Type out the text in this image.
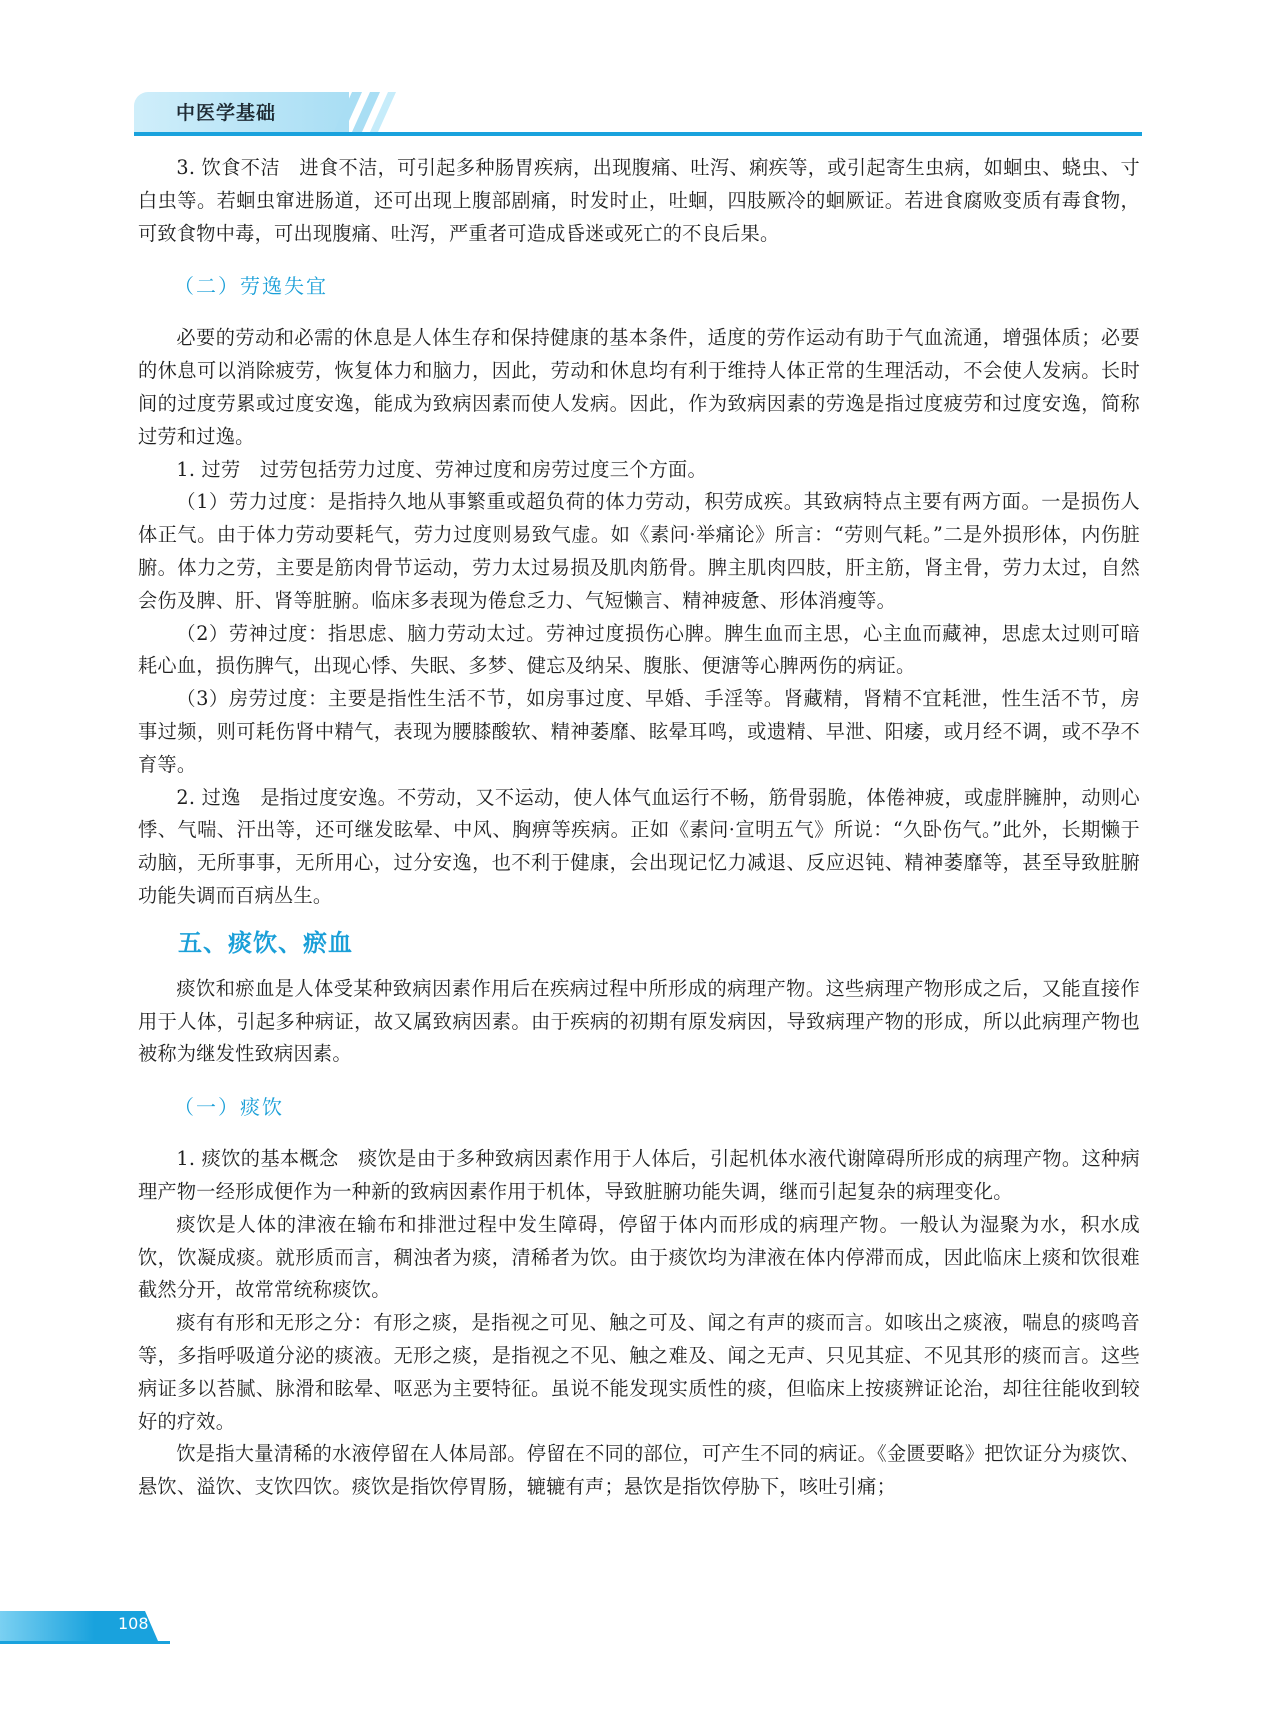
中医学基础

3. 饮食不洁　进食不洁，可引起多种肠胃疾病，出现腹痛、吐泻、痢疾等，或引起寄生虫病，如蛔虫、蛲虫、寸白虫等。若蛔虫窜进肠道，还可出现上腹部剧痛，时发时止，吐蛔，四肢厥冷的蛔厥证。若进食腐败变质有毒食物，可致食物中毒，可出现腹痛、吐泻，严重者可造成昏迷或死亡的不良后果。

（二）劳逸失宜

必要的劳动和必需的休息是人体生存和保持健康的基本条件，适度的劳作运动有助于气血流通，增强体质；必要的休息可以消除疲劳，恢复体力和脑力，因此，劳动和休息均有利于维持人体正常的生理活动，不会使人发病。长时间的过度劳累或过度安逸，能成为致病因素而使人发病。因此，作为致病因素的劳逸是指过度疲劳和过度安逸，简称过劳和过逸。

1. 过劳　过劳包括劳力过度、劳神过度和房劳过度三个方面。

（1）劳力过度：是指持久地从事繁重或超负荷的体力劳动，积劳成疾。其致病特点主要有两方面。一是损伤人体正气。由于体力劳动要耗气，劳力过度则易致气虚。如《素问·举痛论》所言：“劳则气耗。”二是外损形体，内伤脏腑。体力之劳，主要是筋肉骨节运动，劳力太过易损及肌肉筋骨。脾主肌肉四肢，肝主筋，肾主骨，劳力太过，自然会伤及脾、肝、肾等脏腑。临床多表现为倦怠乏力、气短懒言、精神疲惫、形体消瘦等。

（2）劳神过度：指思虑、脑力劳动太过。劳神过度损伤心脾。脾生血而主思，心主血而藏神，思虑太过则可暗耗心血，损伤脾气，出现心悸、失眠、多梦、健忘及纳呆、腹胀、便溏等心脾两伤的病证。

（3）房劳过度：主要是指性生活不节，如房事过度、早婚、手淫等。肾藏精，肾精不宜耗泄，性生活不节，房事过频，则可耗伤肾中精气，表现为腰膝酸软、精神萎靡、眩晕耳鸣，或遗精、早泄、阳痿，或月经不调，或不孕不育等。

2. 过逸　是指过度安逸。不劳动，又不运动，使人体气血运行不畅，筋骨弱脆，体倦神疲，或虚胖臃肿，动则心悸、气喘、汗出等，还可继发眩晕、中风、胸痹等疾病。正如《素问·宣明五气》所说：“久卧伤气。”此外，长期懒于动脑，无所事事，无所用心，过分安逸，也不利于健康，会出现记忆力减退、反应迟钝、精神萎靡等，甚至导致脏腑功能失调而百病丛生。

五、痰饮、瘀血

痰饮和瘀血是人体受某种致病因素作用后在疾病过程中所形成的病理产物。这些病理产物形成之后，又能直接作用于人体，引起多种病证，故又属致病因素。由于疾病的初期有原发病因，导致病理产物的形成，所以此病理产物也被称为继发性致病因素。

（一）痰饮

1. 痰饮的基本概念　痰饮是由于多种致病因素作用于人体后，引起机体水液代谢障碍所形成的病理产物。这种病理产物一经形成便作为一种新的致病因素作用于机体，导致脏腑功能失调，继而引起复杂的病理变化。

痰饮是人体的津液在输布和排泄过程中发生障碍，停留于体内而形成的病理产物。一般认为湿聚为水，积水成饮，饮凝成痰。就形质而言，稠浊者为痰，清稀者为饮。由于痰饮均为津液在体内停滞而成，因此临床上痰和饮很难截然分开，故常常统称痰饮。

痰有有形和无形之分：有形之痰，是指视之可见、触之可及、闻之有声的痰而言。如咳出之痰液，喘息的痰鸣音等，多指呼吸道分泌的痰液。无形之痰，是指视之不见、触之难及、闻之无声、只见其症、不见其形的痰而言。这些病证多以苔腻、脉滑和眩晕、呕恶为主要特征。虽说不能发现实质性的痰，但临床上按痰辨证论治，却往往能收到较好的疗效。

饮是指大量清稀的水液停留在人体局部。停留在不同的部位，可产生不同的病证。《金匮要略》把饮证分为痰饮、悬饮、溢饮、支饮四饮。痰饮是指饮停胃肠，辘辘有声；悬饮是指饮停胁下，咳吐引痛；

108
